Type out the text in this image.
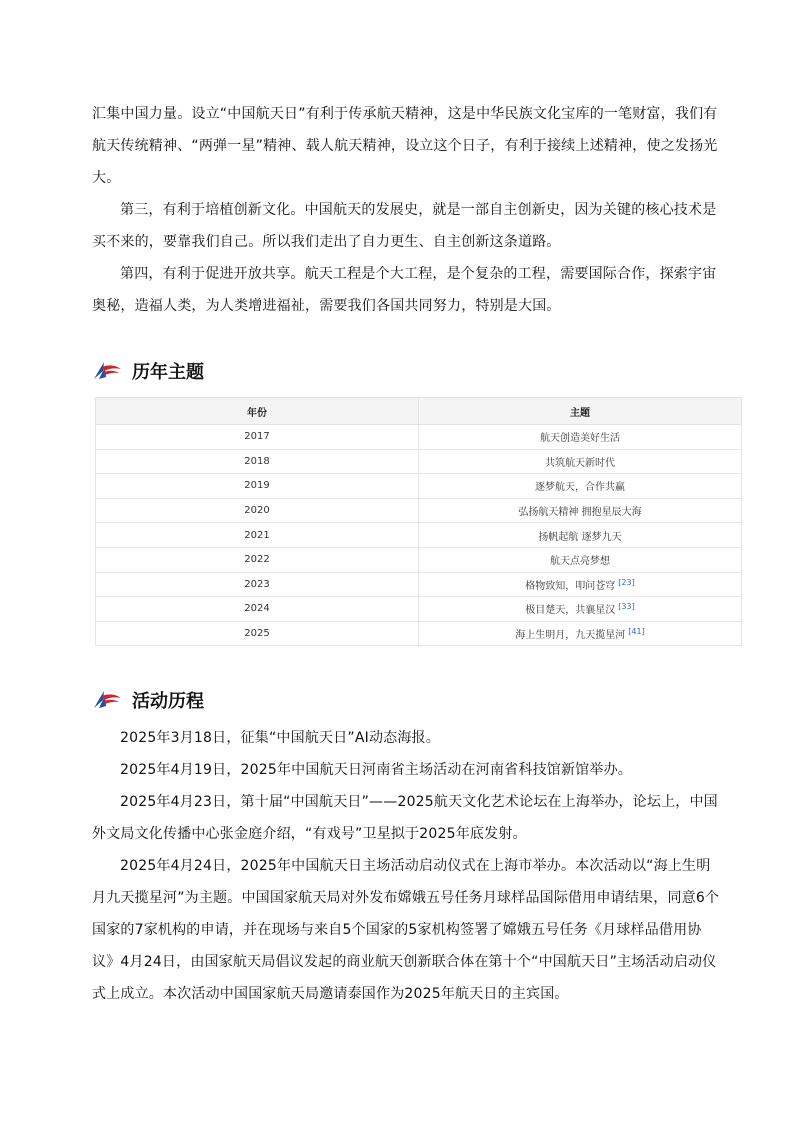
汇集中国力量。设立“中国航天日”有利于传承航天精神，这是中华民族文化宝库的一笔财富，我们有航天传统精神、“两弹一星”精神、载人航天精神，设立这个日子，有利于接续上述精神，使之发扬光大。

第三，有利于培植创新文化。中国航天的发展史，就是一部自主创新史，因为关键的核心技术是买不来的，要靠我们自己。所以我们走出了自力更生、自主创新这条道路。

第四，有利于促进开放共享。航天工程是个大工程，是个复杂的工程，需要国际合作，探索宇宙奥秘，造福人类，为人类增进福祉，需要我们各国共同努力，特别是大国。

历年主题
年份	主题
2017	航天创造美好生活
2018	共筑航天新时代
2019	逐梦航天，合作共赢
2020	弘扬航天精神 拥抱星辰大海
2021	扬帆起航 逐梦九天
2022	航天点亮梦想
2023	格物致知，叩问苍穹 [23]
2024	极目楚天，共襄星汉 [33]
2025	海上生明月，九天揽星河 [41]
活动历程

2025年3月18日，征集“中国航天日”AI动态海报。

2025年4月19日，2025年中国航天日河南省主场活动在河南省科技馆新馆举办。

2025年4月23日，第十届“中国航天日”——2025航天文化艺术论坛在上海举办，论坛上，中国外文局文化传播中心张金庭介绍，“有戏号”卫星拟于2025年底发射。

2025年4月24日，2025年中国航天日主场活动启动仪式在上海市举办。本次活动以“海上生明月九天揽星河”为主题。中国国家航天局对外发布嫦娥五号任务月球样品国际借用申请结果，同意6个国家的7家机构的申请，并在现场与来自5个国家的5家机构签署了嫦娥五号任务《月球样品借用协议》4月24日，由国家航天局倡议发起的商业航天创新联合体在第十个“中国航天日”主场活动启动仪式上成立。本次活动中国国家航天局邀请泰国作为2025年航天日的主宾国。
